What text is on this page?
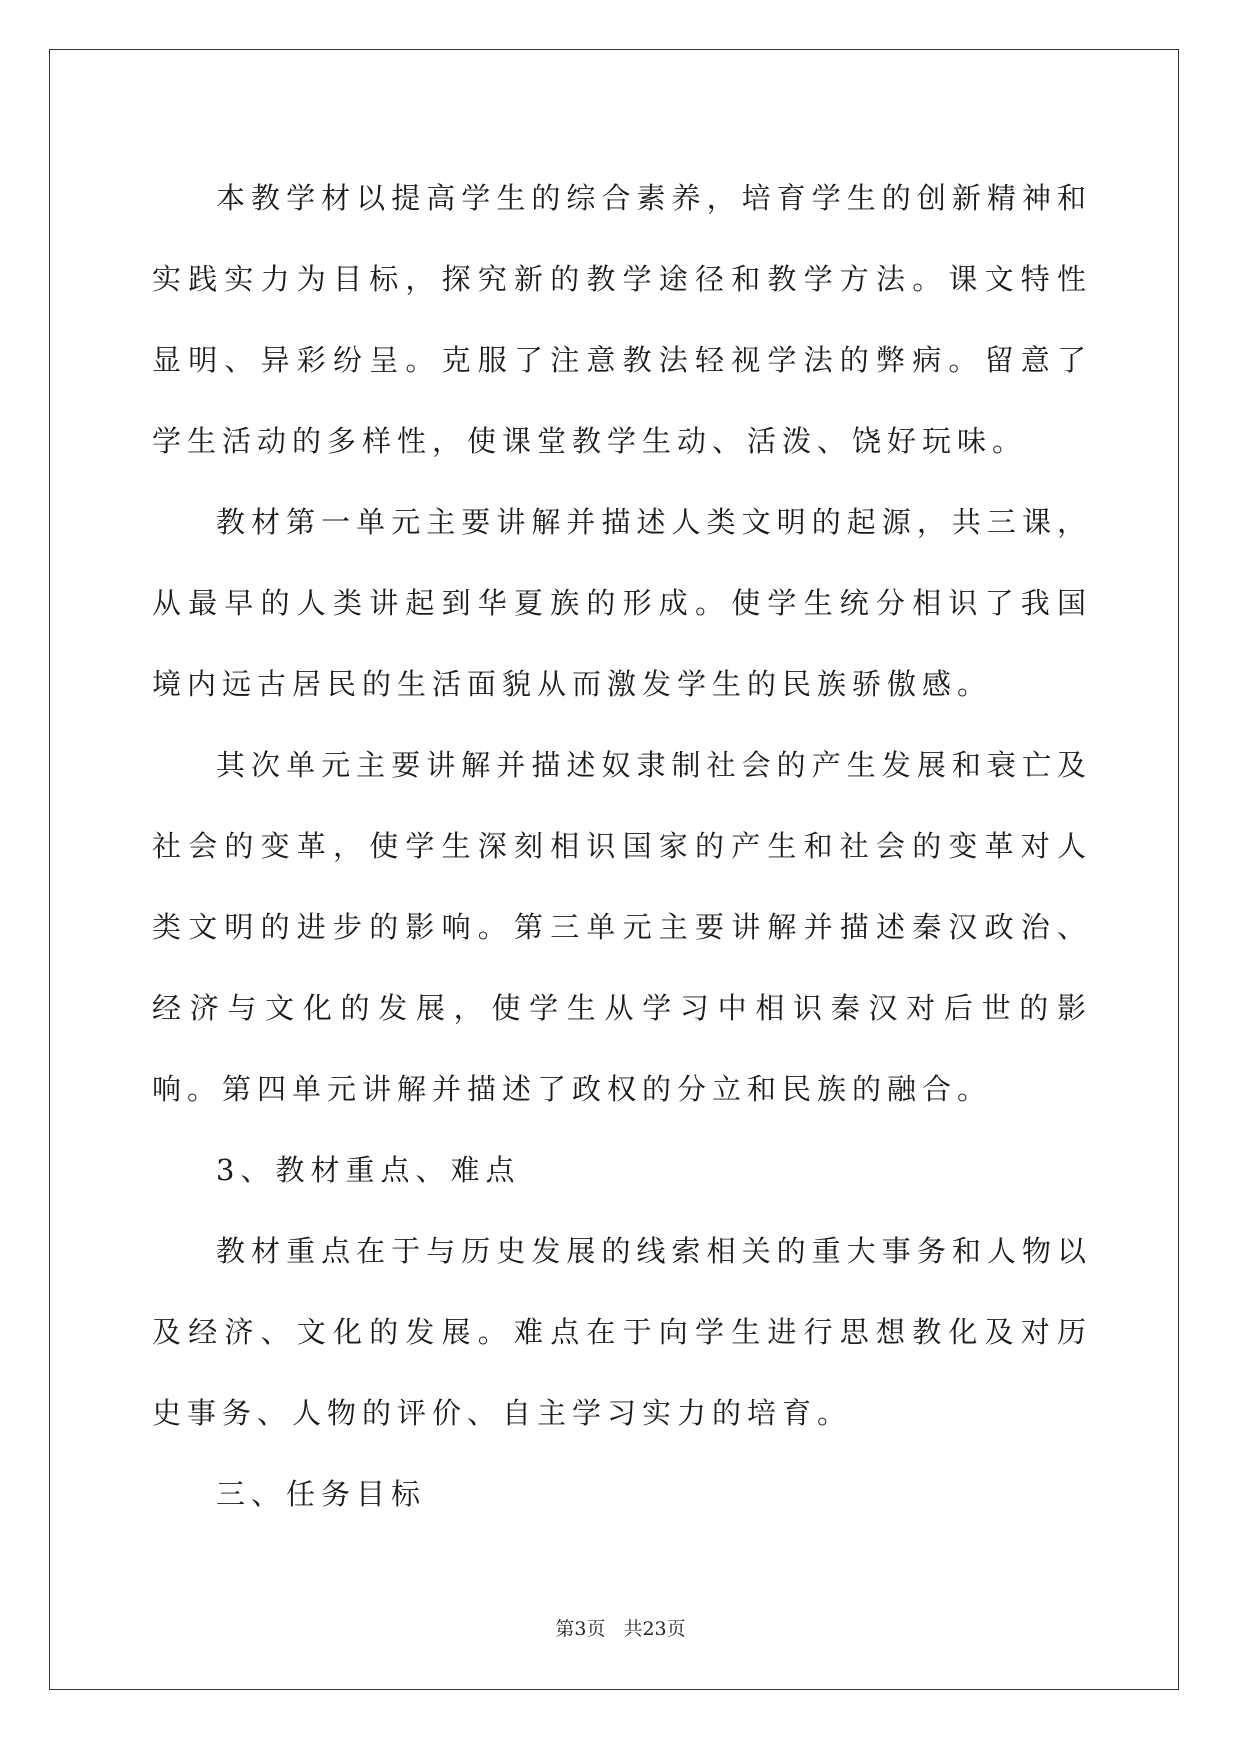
本教学材以提高学生的综合素养，培育学生的创新精神和实践实力为目标，探究新的教学途径和教学方法。课文特性显明、异彩纷呈。克服了注意教法轻视学法的弊病。留意了学生活动的多样性，使课堂教学生动、活泼、饶好玩味。

教材第一单元主要讲解并描述人类文明的起源，共三课，从最早的人类讲起到华夏族的形成。使学生统分相识了我国境内远古居民的生活面貌从而激发学生的民族骄傲感。

其次单元主要讲解并描述奴隶制社会的产生发展和衰亡及社会的变革，使学生深刻相识国家的产生和社会的变革对人类文明的进步的影响。第三单元主要讲解并描述秦汉政治、经济与文化的发展，使学生从学习中相识秦汉对后世的影响。第四单元讲解并描述了政权的分立和民族的融合。

3、教材重点、难点

教材重点在于与历史发展的线索相关的重大事务和人物以及经济、文化的发展。难点在于向学生进行思想教化及对历史事务、人物的评价、自主学习实力的培育。

三、任务目标

第3页 共23页
